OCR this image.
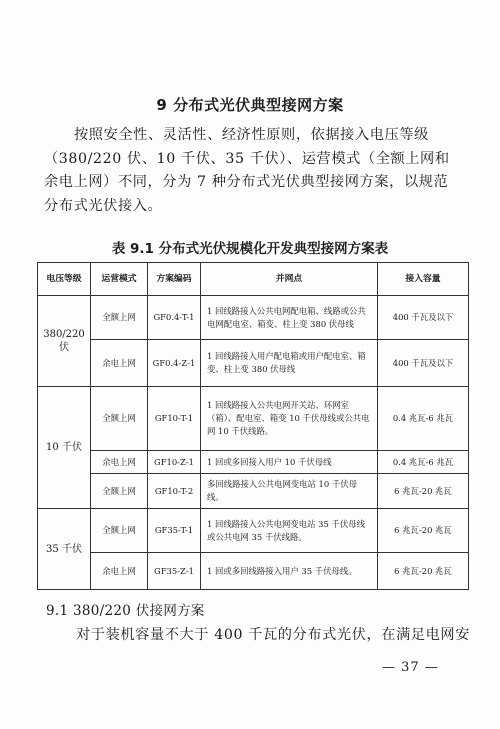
9 分布式光伏典型接网方案
按照安全性、灵活性、经济性原则，依据接入电压等级（380/220 伏、10 千伏、35 千伏）、运营模式（全额上网和余电上网）不同，分为 7 种分布式光伏典型接网方案，以规范分布式光伏接入。
表 9.1 分布式光伏规模化开发典型接网方案表
电压等级	运营模式	方案编码	并网点	接入容量
380/220 伏	全额上网	GF0.4-T-1	1 回线路接入公共电网配电箱、线路或公共电网配电室、箱变、柱上变 380 伏母线	400 千瓦及以下
	余电上网	GF0.4-Z-1	1 回线路接入用户配电箱或用户配电室、箱变、柱上变 380 伏母线	400 千瓦及以下
10 千伏	全额上网	GF10-T-1	1 回线路接入公共电网开关站、环网室（箱）、配电室、箱变 10 千伏母线或公共电网 10 千伏线路。	0.4 兆瓦-6 兆瓦
	余电上网	GF10-Z-1	1 回或多回接入用户 10 千伏母线	0.4 兆瓦-6 兆瓦
	全额上网	GF10-T-2	多回线路接入公共电网变电站 10 千伏母线。	6 兆瓦-20 兆瓦
35 千伏	全额上网	GF35-T-1	1 回线路接入公共电网变电站 35 千伏母线或公共电网 35 千伏线路。	6 兆瓦-20 兆瓦
	余电上网	GF35-Z-1	1 回或多回线路接入用户 35 千伏母线。	6 兆瓦-20 兆瓦
9.1 380/220 伏接网方案
对于装机容量不大于 400 千瓦的分布式光伏，在满足电网安
— 37 —
